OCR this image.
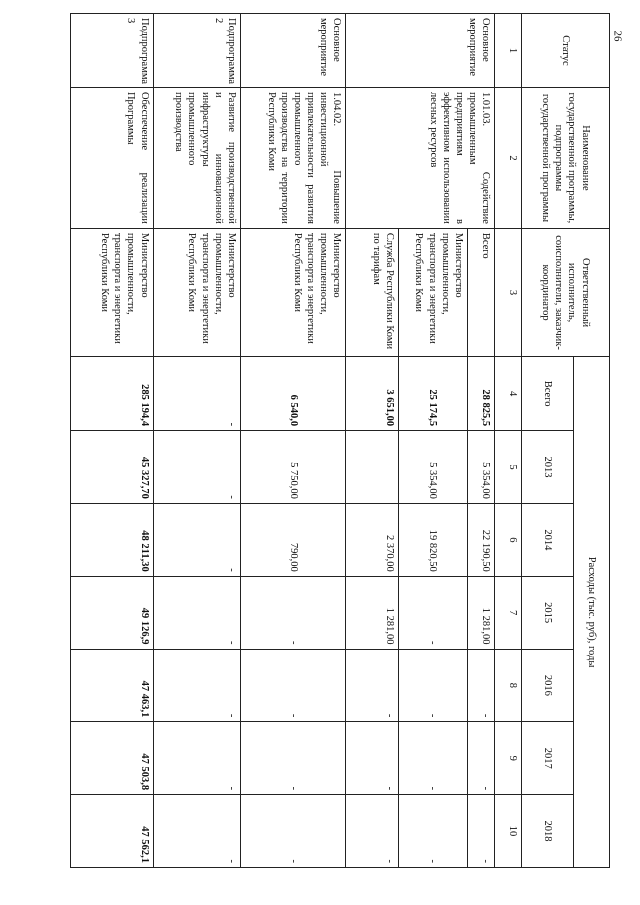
26
Статус	Наименование государственной программы, подпрограммы государственной программы	Ответственный исполнитель, соисполнители, заказчик-координатор	Расходы (тыс. руб), годы						
			Всего	2013	2014	2015	2016	2017	2018
1	2	3	4	5	6	7	8	9	10
Основное мероприятие	1.01.03. Содействие промышленным предприятиям в эффективном использовании лесных ресурсов	Всего	28 825,5	5 354,00	22 190,50	1 281,00	-	-	-
		Министерство промышленности, транспорта и энергетики Республики Коми	25 174,5	5 354,00	19 820,50	-	-	-	-
		Служба Республики Коми по тарифам	3 651,00		2 370,00	1 281,00	-	-	-
Основное мероприятие	1.04.02. Повышение инвестиционной привлекательности развития промышленного производства на территории Республики Коми	Министерство промышленности, транспорта и энергетики Республики Коми	6 540,0	5 750,00	790,00	-	-	-	-
Подпрограмма 2	Развитие производственной и инновационной инфраструктуры промышленного производства	Министерство промышленности, транспорта и энергетики Республики Коми	-	-	-	-	-	-	-
Подпрограмма 3	Обеспечение реализации Программы	Министерство промышленности, транспорта и энергетики Республики Коми	285 194,4	45 327,70	48 211,30	49 126,9	47 463,1	47 503,8	47 562,1
